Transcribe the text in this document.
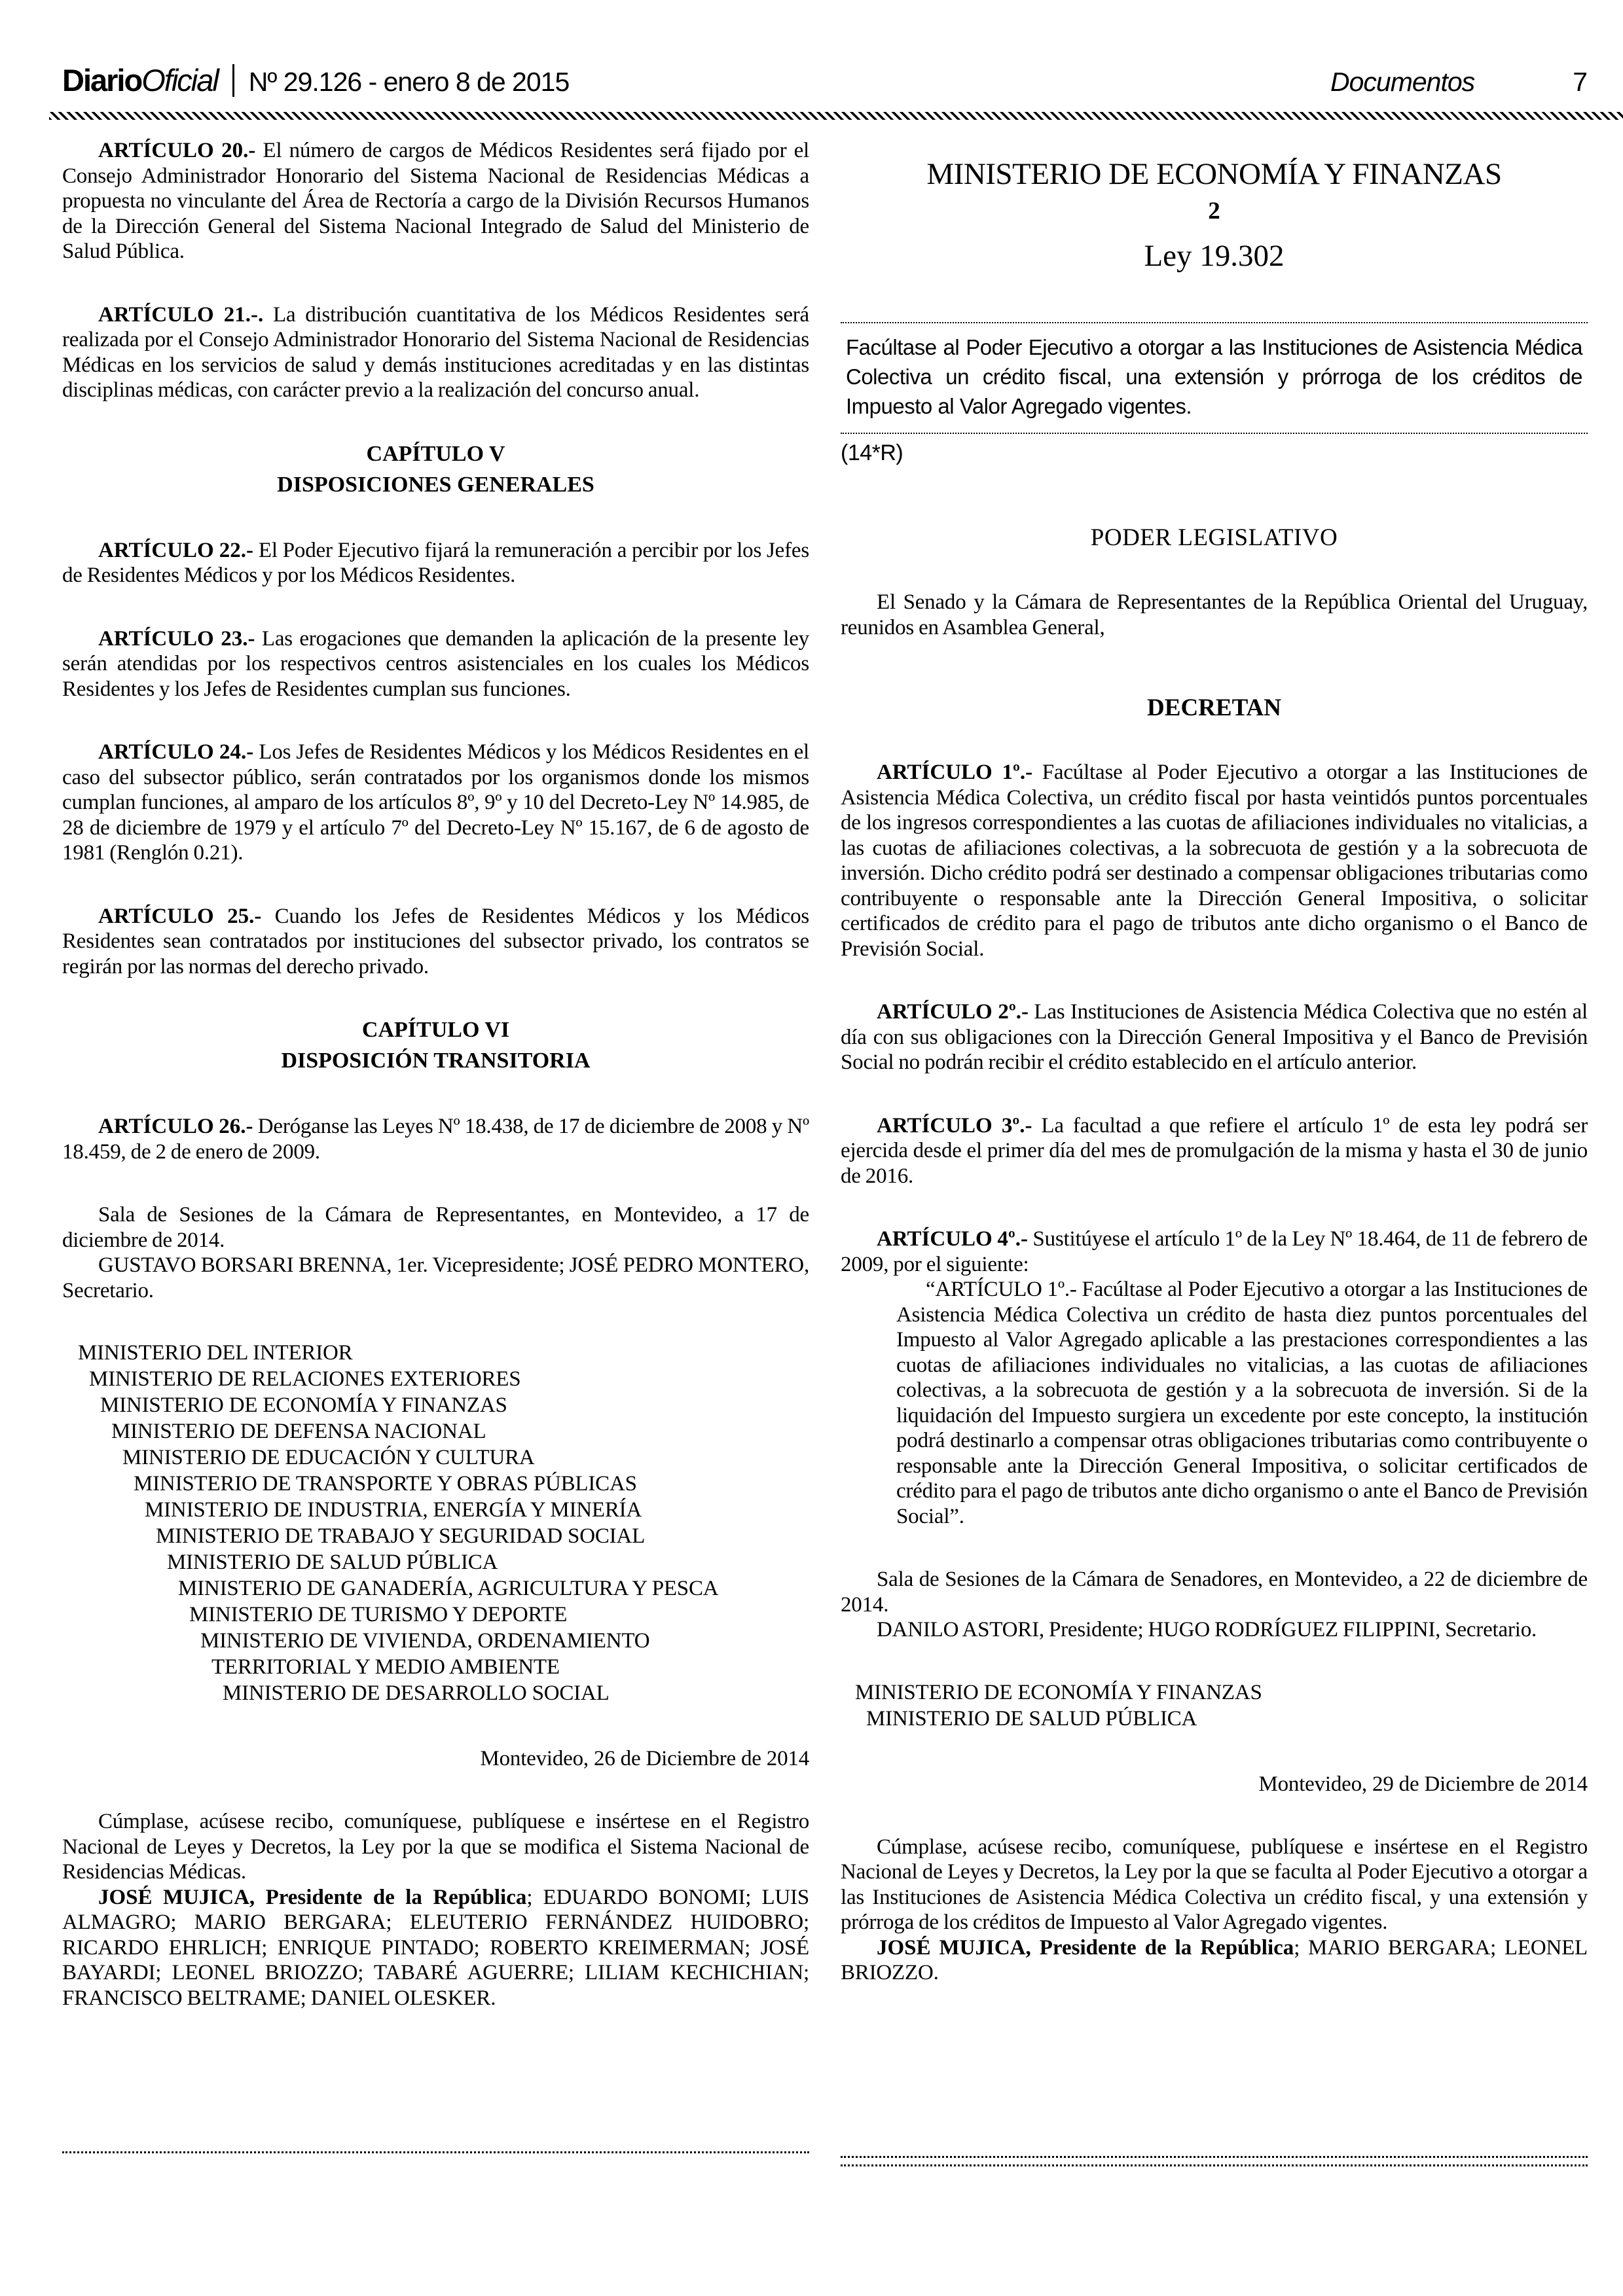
DiarioOficial Nº 29.126 - enero 8 de 2015	Documentos	7

ARTÍCULO 20.- El número de cargos de Médicos Residentes será fijado por el Consejo Administrador Honorario del Sistema Nacional de Residencias Médicas a propuesta no vinculante del Área de Rectoría a cargo de la División Recursos Humanos de la Dirección General del Sistema Nacional Integrado de Salud del Ministerio de Salud Pública.

ARTÍCULO 21.-. La distribución cuantitativa de los Médicos Residentes será realizada por el Consejo Administrador Honorario del Sistema Nacional de Residencias Médicas en los servicios de salud y demás instituciones acreditadas y en las distintas disciplinas médicas, con carácter previo a la realización del concurso anual.

CAPÍTULO V
DISPOSICIONES GENERALES

ARTÍCULO 22.- El Poder Ejecutivo fijará la remuneración a percibir por los Jefes de Residentes Médicos y por los Médicos Residentes.

ARTÍCULO 23.- Las erogaciones que demanden la aplicación de la presente ley serán atendidas por los respectivos centros asistenciales en los cuales los Médicos Residentes y los Jefes de Residentes cumplan sus funciones.

ARTÍCULO 24.- Los Jefes de Residentes Médicos y los Médicos Residentes en el caso del subsector público, serán contratados por los organismos donde los mismos cumplan funciones, al amparo de los artículos 8º, 9º y 10 del Decreto-Ley Nº 14.985, de 28 de diciembre de 1979 y el artículo 7º del Decreto-Ley Nº 15.167, de 6 de agosto de 1981 (Renglón 0.21).

ARTÍCULO 25.- Cuando los Jefes de Residentes Médicos y los Médicos Residentes sean contratados por instituciones del subsector privado, los contratos se regirán por las normas del derecho privado.

CAPÍTULO VI
DISPOSICIÓN TRANSITORIA

ARTÍCULO 26.- Deróganse las Leyes Nº 18.438, de 17 de diciembre de 2008 y Nº 18.459, de 2 de enero de 2009.

Sala de Sesiones de la Cámara de Representantes, en Montevideo, a 17 de diciembre de 2014.

GUSTAVO BORSARI BRENNA, 1er. Vicepresidente; JOSÉ PEDRO MONTERO, Secretario.

MINISTERIO DEL INTERIOR
MINISTERIO DE RELACIONES EXTERIORES
MINISTERIO DE ECONOMÍA Y FINANZAS
MINISTERIO DE DEFENSA NACIONAL
MINISTERIO DE EDUCACIÓN Y CULTURA
MINISTERIO DE TRANSPORTE Y OBRAS PÚBLICAS
MINISTERIO DE INDUSTRIA, ENERGÍA Y MINERÍA
MINISTERIO DE TRABAJO Y SEGURIDAD SOCIAL
MINISTERIO DE SALUD PÚBLICA
MINISTERIO DE GANADERÍA, AGRICULTURA Y PESCA
MINISTERIO DE TURISMO Y DEPORTE
MINISTERIO DE VIVIENDA, ORDENAMIENTO
TERRITORIAL Y MEDIO AMBIENTE
MINISTERIO DE DESARROLLO SOCIAL

Montevideo, 26 de Diciembre de 2014

Cúmplase, acúsese recibo, comuníquese, publíquese e insértese en el Registro Nacional de Leyes y Decretos, la Ley por la que se modifica el Sistema Nacional de Residencias Médicas.

JOSÉ MUJICA, Presidente de la República; EDUARDO BONOMI; LUIS ALMAGRO; MARIO BERGARA; ELEUTERIO FERNÁNDEZ HUIDOBRO; RICARDO EHRLICH; ENRIQUE PINTADO; ROBERTO KREIMERMAN; JOSÉ BAYARDI; LEONEL BRIOZZO; TABARÉ AGUERRE; LILIAM KECHICHIAN; FRANCISCO BELTRAME; DANIEL OLESKER.

MINISTERIO DE ECONOMÍA Y FINANZAS
2
Ley 19.302

Facúltase al Poder Ejecutivo a otorgar a las Instituciones de Asistencia Médica Colectiva un crédito fiscal, una extensión y prórroga de los créditos de Impuesto al Valor Agregado vigentes.

(14*R)

PODER LEGISLATIVO

El Senado y la Cámara de Representantes de la República Oriental del Uruguay, reunidos en Asamblea General,

DECRETAN

ARTÍCULO 1º.- Facúltase al Poder Ejecutivo a otorgar a las Instituciones de Asistencia Médica Colectiva, un crédito fiscal por hasta veintidós puntos porcentuales de los ingresos correspondientes a las cuotas de afiliaciones individuales no vitalicias, a las cuotas de afiliaciones colectivas, a la sobrecuota de gestión y a la sobrecuota de inversión. Dicho crédito podrá ser destinado a compensar obligaciones tributarias como contribuyente o responsable ante la Dirección General Impositiva, o solicitar certificados de crédito para el pago de tributos ante dicho organismo o el Banco de Previsión Social.

ARTÍCULO 2º.- Las Instituciones de Asistencia Médica Colectiva que no estén al día con sus obligaciones con la Dirección General Impositiva y el Banco de Previsión Social no podrán recibir el crédito establecido en el artículo anterior.

ARTÍCULO 3º.- La facultad a que refiere el artículo 1º de esta ley podrá ser ejercida desde el primer día del mes de promulgación de la misma y hasta el 30 de junio de 2016.

ARTÍCULO 4º.- Sustitúyese el artículo 1º de la Ley Nº 18.464, de 11 de febrero de 2009, por el siguiente:

“ARTÍCULO 1º.- Facúltase al Poder Ejecutivo a otorgar a las Instituciones de Asistencia Médica Colectiva un crédito de hasta diez puntos porcentuales del Impuesto al Valor Agregado aplicable a las prestaciones correspondientes a las cuotas de afiliaciones individuales no vitalicias, a las cuotas de afiliaciones colectivas, a la sobrecuota de gestión y a la sobrecuota de inversión. Si de la liquidación del Impuesto surgiera un excedente por este concepto, la institución podrá destinarlo a compensar otras obligaciones tributarias como contribuyente o responsable ante la Dirección General Impositiva, o solicitar certificados de crédito para el pago de tributos ante dicho organismo o ante el Banco de Previsión Social”.

Sala de Sesiones de la Cámara de Senadores, en Montevideo, a 22 de diciembre de 2014.

DANILO ASTORI, Presidente; HUGO RODRÍGUEZ FILIPPINI, Secretario.

MINISTERIO DE ECONOMÍA Y FINANZAS
MINISTERIO DE SALUD PÚBLICA

Montevideo, 29 de Diciembre de 2014

Cúmplase, acúsese recibo, comuníquese, publíquese e insértese en el Registro Nacional de Leyes y Decretos, la Ley por la que se faculta al Poder Ejecutivo a otorgar a las Instituciones de Asistencia Médica Colectiva un crédito fiscal, y una extensión y prórroga de los créditos de Impuesto al Valor Agregado vigentes.

JOSÉ MUJICA, Presidente de la República; MARIO BERGARA; LEONEL BRIOZZO.
